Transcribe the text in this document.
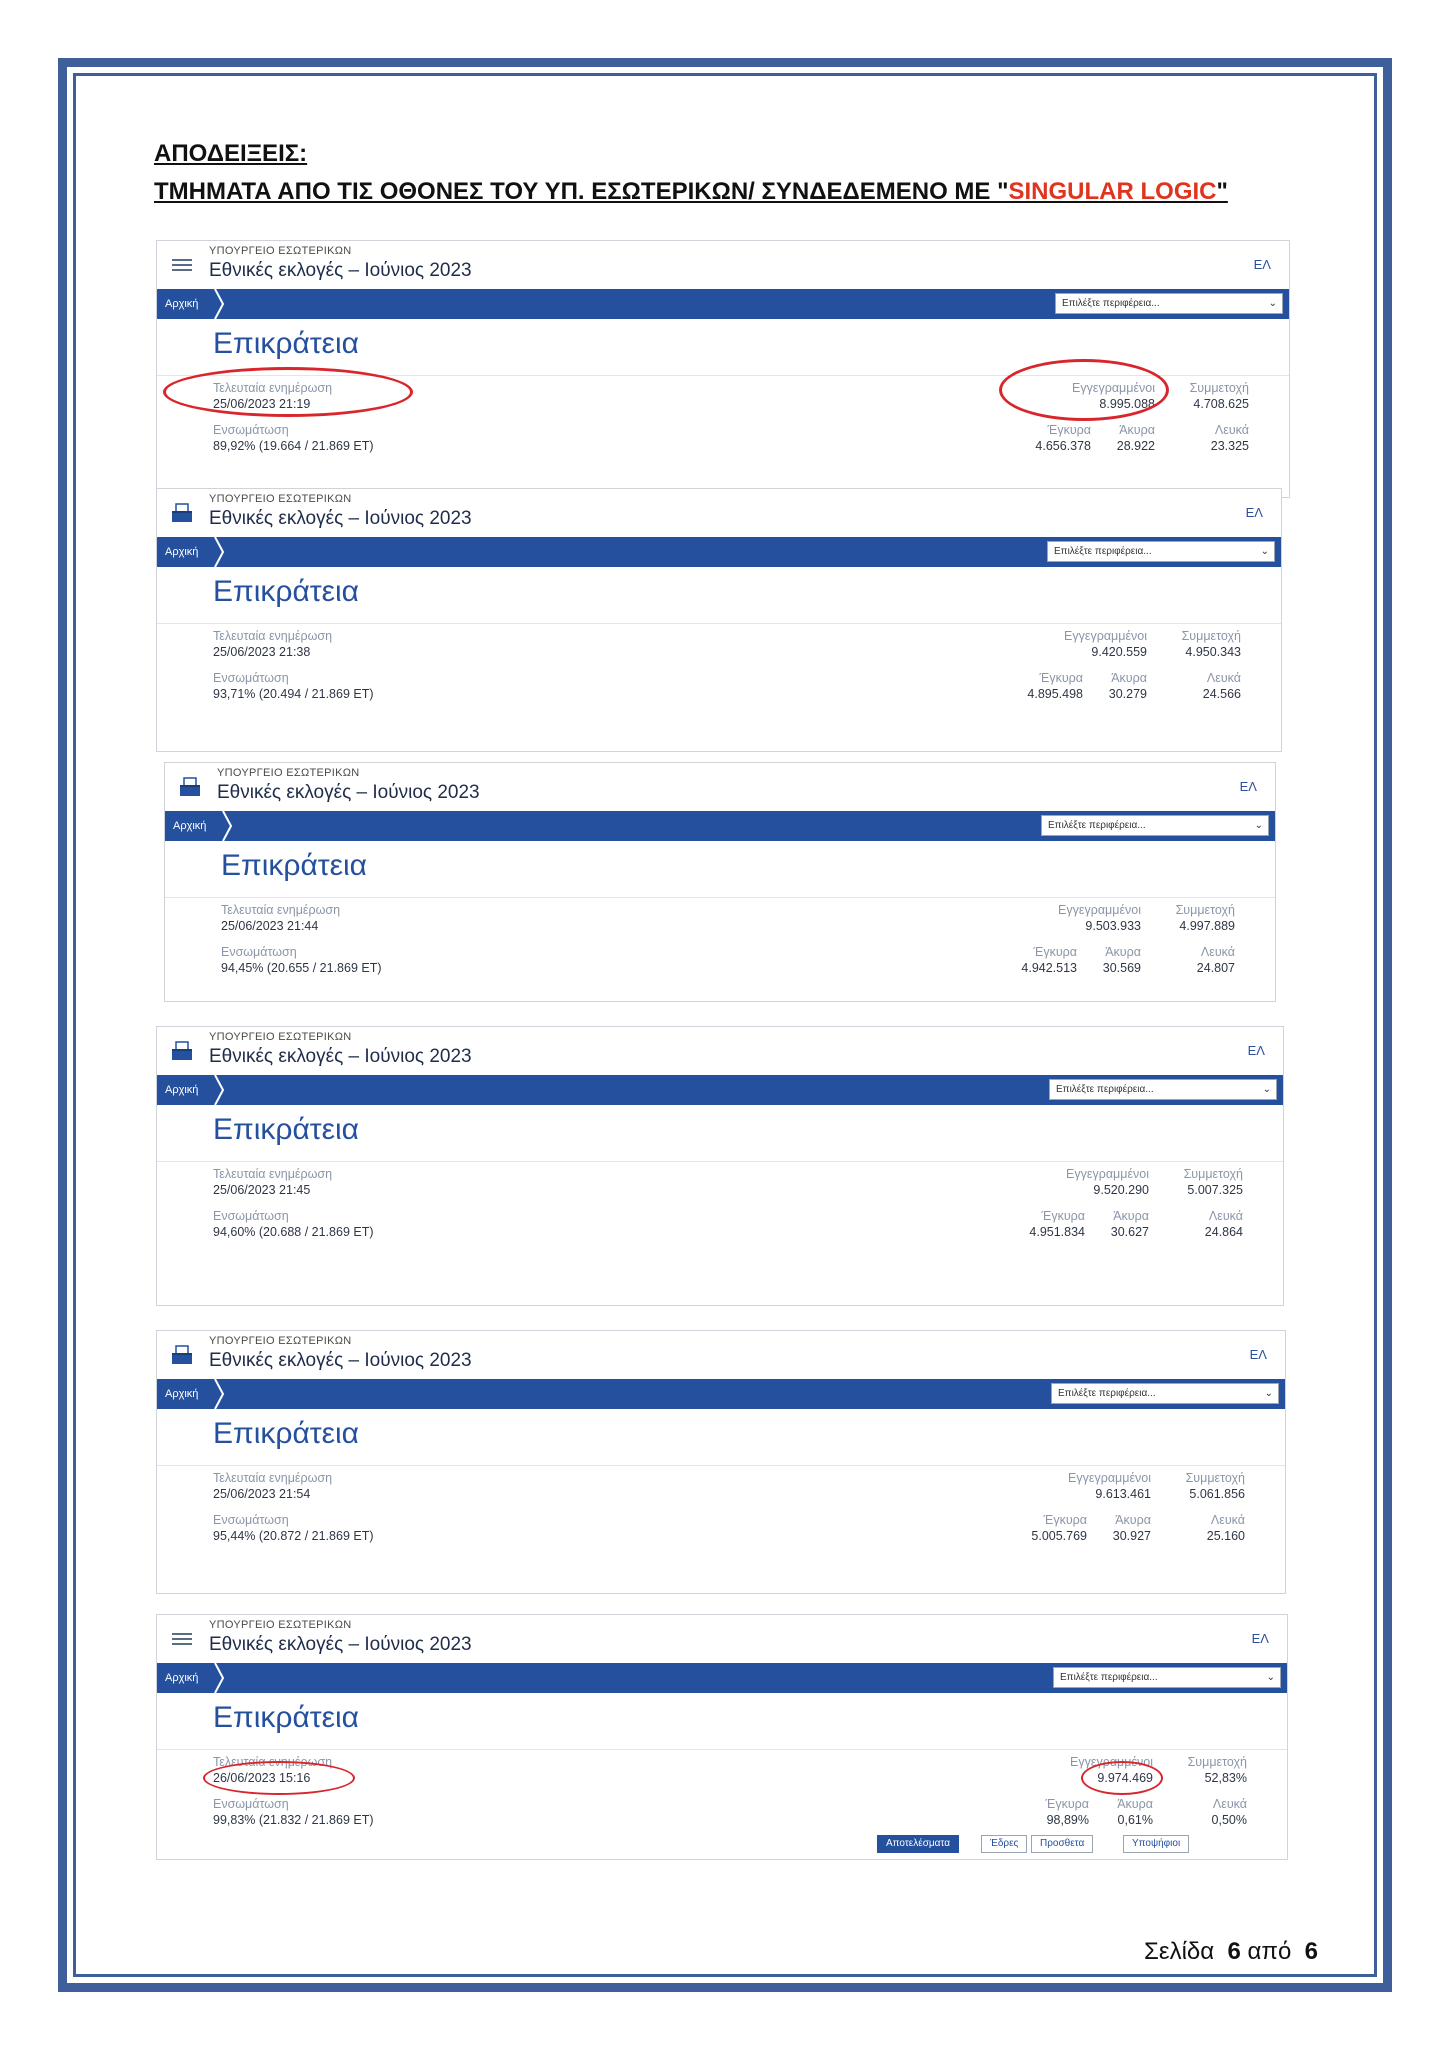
ΑΠΟΔΕΙΞΕΙΣ:
ΤΜΗΜΑΤΑ ΑΠΟ ΤΙΣ ΟΘΟΝΕΣ ΤΟΥ ΥΠ. ΕΣΩΤΕΡΙΚΩΝ/ ΣΥΝΔΕΔΕΜΕΝΟ ΜΕ "SINGULAR LOGIC"
ΥΠΟΥΡΓΕΙΟ ΕΣΩΤΕΡΙΚΩΝ
Εθνικές εκλογές – Ιούνιος 2023	ΕΛ
Αρχική	Επιλέξτε περιφέρεια...	⌄
Επικράτεια
Τελευταία ενημέρωση
25/06/2023 21:19
Ενσωμάτωση
89,92% (19.664 / 21.869 ΕΤ)
Εγγεγραμμένοι
8.995.088
Συμμετοχή
4.708.625
Έγκυρα
4.656.378
Άκυρα
28.922
Λευκά
23.325
ΥΠΟΥΡΓΕΙΟ ΕΣΩΤΕΡΙΚΩΝ
Εθνικές εκλογές – Ιούνιος 2023	ΕΛ
Αρχική	Επιλέξτε περιφέρεια...	⌄
Επικράτεια
Τελευταία ενημέρωση
25/06/2023 21:38
Ενσωμάτωση
93,71% (20.494 / 21.869 ΕΤ)
Εγγεγραμμένοι
9.420.559
Συμμετοχή
4.950.343
Έγκυρα
4.895.498
Άκυρα
30.279
Λευκά
24.566
ΥΠΟΥΡΓΕΙΟ ΕΣΩΤΕΡΙΚΩΝ
Εθνικές εκλογές – Ιούνιος 2023	ΕΛ
Αρχική	Επιλέξτε περιφέρεια...	⌄
Επικράτεια
Τελευταία ενημέρωση
25/06/2023 21:44
Ενσωμάτωση
94,45% (20.655 / 21.869 ΕΤ)
Εγγεγραμμένοι
9.503.933
Συμμετοχή
4.997.889
Έγκυρα
4.942.513
Άκυρα
30.569
Λευκά
24.807
ΥΠΟΥΡΓΕΙΟ ΕΣΩΤΕΡΙΚΩΝ
Εθνικές εκλογές – Ιούνιος 2023	ΕΛ
Αρχική	Επιλέξτε περιφέρεια...	⌄
Επικράτεια
Τελευταία ενημέρωση
25/06/2023 21:45
Ενσωμάτωση
94,60% (20.688 / 21.869 ΕΤ)
Εγγεγραμμένοι
9.520.290
Συμμετοχή
5.007.325
Έγκυρα
4.951.834
Άκυρα
30.627
Λευκά
24.864
ΥΠΟΥΡΓΕΙΟ ΕΣΩΤΕΡΙΚΩΝ
Εθνικές εκλογές – Ιούνιος 2023	ΕΛ
Αρχική	Επιλέξτε περιφέρεια...	⌄
Επικράτεια
Τελευταία ενημέρωση
25/06/2023 21:54
Ενσωμάτωση
95,44% (20.872 / 21.869 ΕΤ)
Εγγεγραμμένοι
9.613.461
Συμμετοχή
5.061.856
Έγκυρα
5.005.769
Άκυρα
30.927
Λευκά
25.160
ΥΠΟΥΡΓΕΙΟ ΕΣΩΤΕΡΙΚΩΝ
Εθνικές εκλογές – Ιούνιος 2023	ΕΛ
Αρχική	Επιλέξτε περιφέρεια...	⌄
Επικράτεια
Τελευταία ενημέρωση
26/06/2023 15:16
Ενσωμάτωση
99,83% (21.832 / 21.869 ΕΤ)
Εγγεγραμμένοι
9.974.469
Συμμετοχή
52,83%
Έγκυρα
98,89%
Άκυρα
0,61%
Λευκά
0,50%
Αποτελέσματα	Έδρες	Προσθετα	Υποψήφιοι
Σελίδα 6 από 6
